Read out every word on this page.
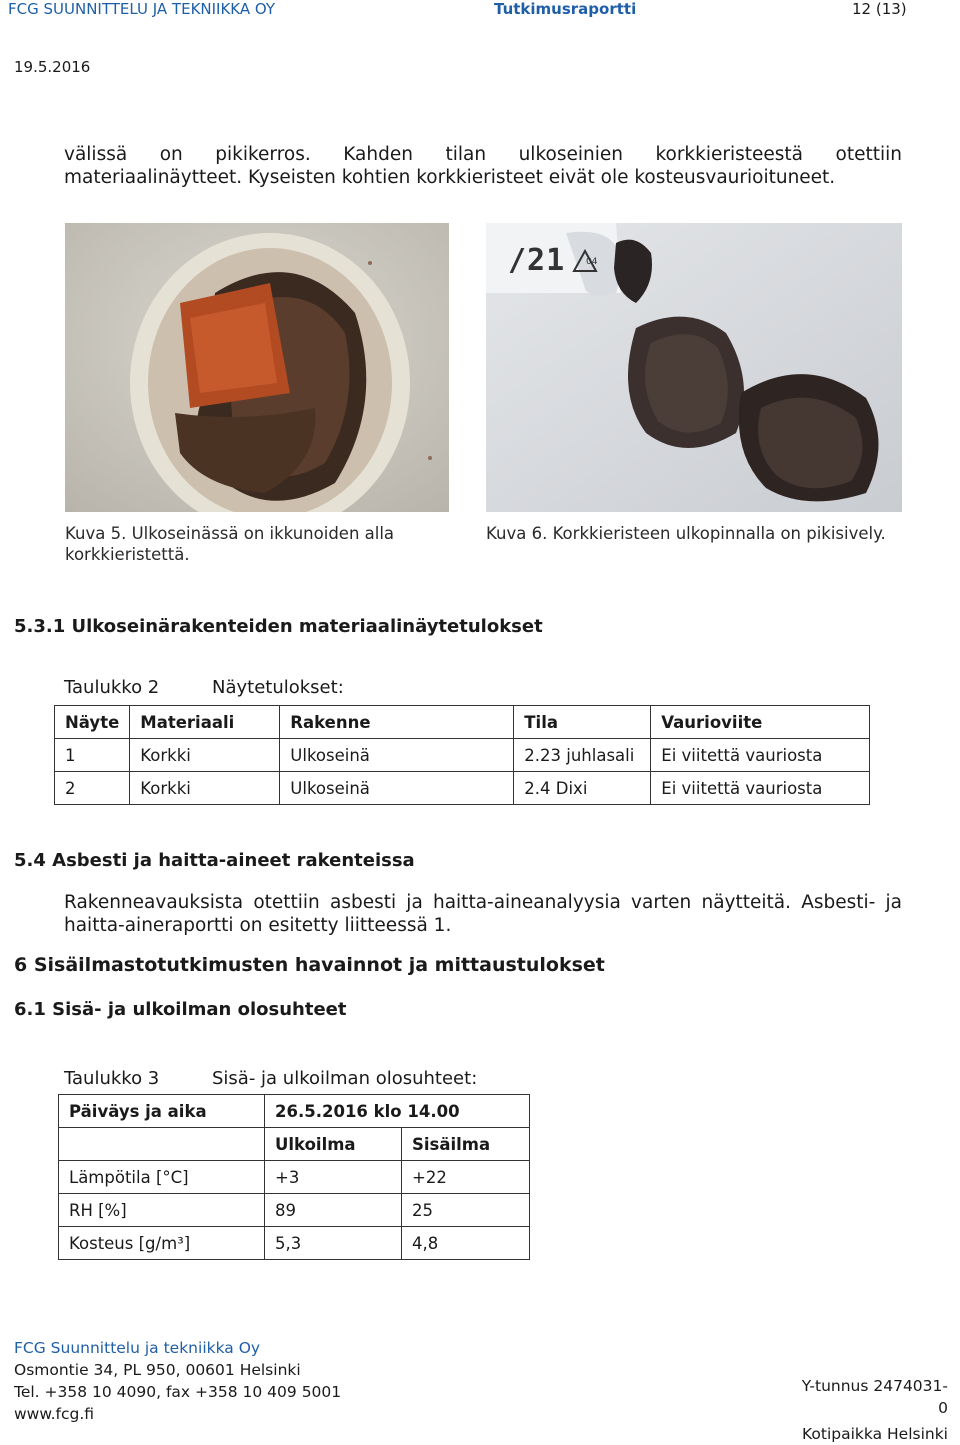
FCG SUUNNITTELU JA TEKNIIKKA OY	Tutkimusraportti	12 (13)
19.5.2016
välissä on pikikerros. Kahden tilan ulkoseinien korkkieristeestä otettiin
materiaalinäytteet. Kyseisten kohtien korkkieristeet eivät ole kosteusvaurioituneet.
Kuva 5. Ulkoseinässä on ikkunoiden alla
korkkieristettä.
/21 04
Kuva 6. Korkkieristeen ulkopinnalla on pikisively.
5.3.1 Ulkoseinärakenteiden materiaalinäytetulokset
Taulukko 2	Näytetulokset:
Näyte	Materiaali	Rakenne	Tila	Vaurioviite
1	Korkki	Ulkoseinä	2.23 juhlasali	Ei viitettä vauriosta
2	Korkki	Ulkoseinä	2.4 Dixi	Ei viitettä vauriosta
5.4 Asbesti ja haitta-aineet rakenteissa
Rakenneavauksista otettiin asbesti ja haitta-aineanalyysia varten näytteitä. Asbesti- ja
haitta-aineraportti on esitetty liitteessä 1.
6 Sisäilmastotutkimusten havainnot ja mittaustulokset
6.1 Sisä- ja ulkoilman olosuhteet
Taulukko 3	Sisä- ja ulkoilman olosuhteet:
Päiväys ja aika	26.5.2016 klo 14.00	
	Ulkoilma	Sisäilma
Lämpötila [°C]	+3	+22
RH [%]	89	25
Kosteus [g/m³]	5,3	4,8
FCG Suunnittelu ja tekniikka Oy
Osmontie 34, PL 950, 00601 Helsinki
Tel. +358 10 4090, fax +358 10 409 5001
www.fcg.fi
Y-tunnus 2474031-0
Kotipaikka Helsinki
